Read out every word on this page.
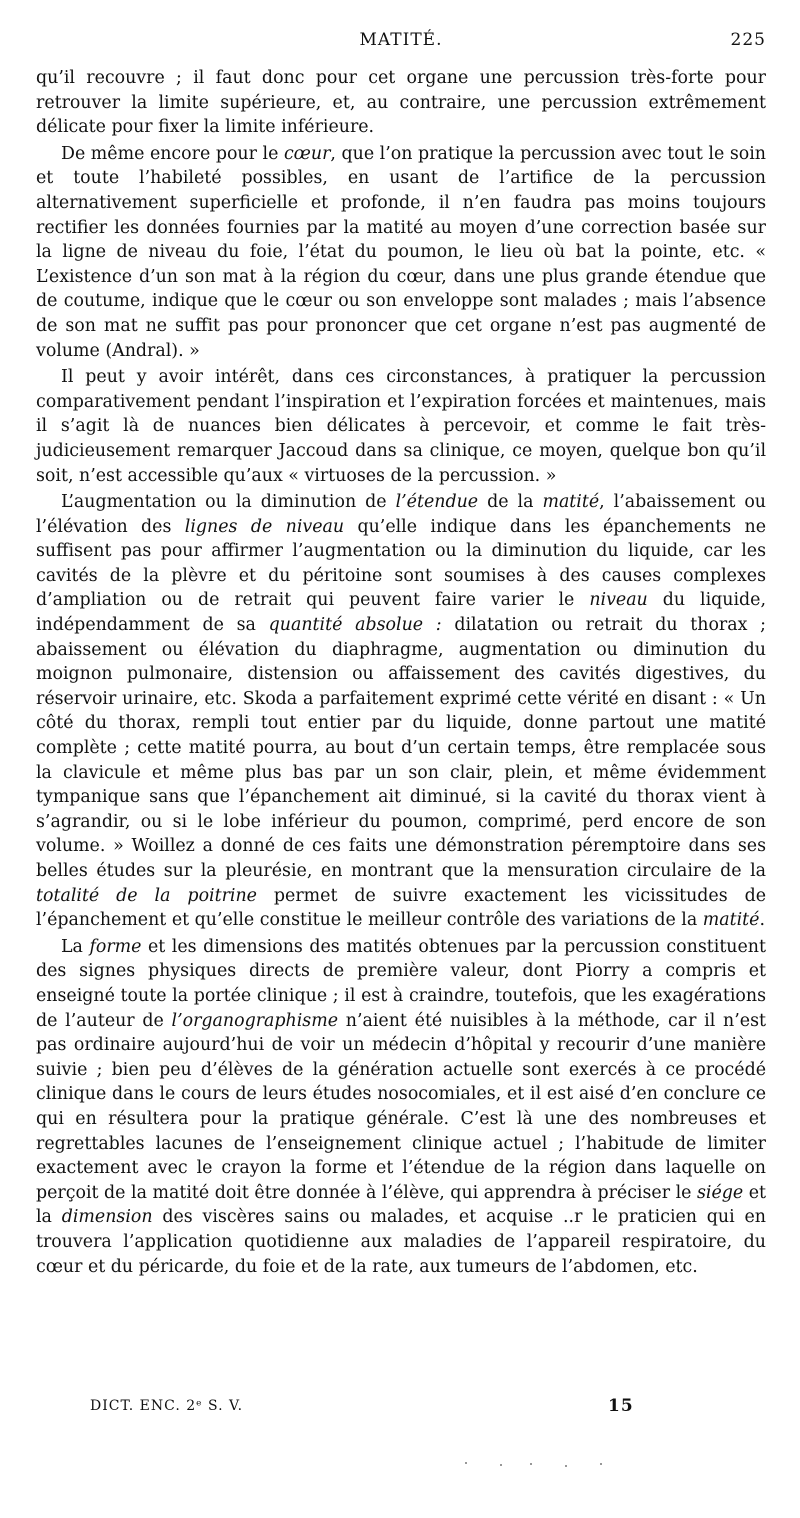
MATITÉ.	225

qu’il recouvre ; il faut donc pour cet organe une percussion très-forte pour retrouver la limite supérieure, et, au contraire, une percussion extrêmement délicate pour fixer la limite inférieure.

De même encore pour le cœur, que l’on pratique la percussion avec tout le soin et toute l’habileté possibles, en usant de l’artifice de la percussion alternativement superficielle et profonde, il n’en faudra pas moins toujours rectifier les données fournies par la matité au moyen d’une correction basée sur la ligne de niveau du foie, l’état du poumon, le lieu où bat la pointe, etc. « L’existence d’un son mat à la région du cœur, dans une plus grande étendue que de coutume, indique que le cœur ou son enveloppe sont malades ; mais l’absence de son mat ne suffit pas pour prononcer que cet organe n’est pas augmenté de volume (Andral). »

Il peut y avoir intérêt, dans ces circonstances, à pratiquer la percussion comparativement pendant l’inspiration et l’expiration forcées et maintenues, mais il s’agit là de nuances bien délicates à percevoir, et comme le fait très-judicieusement remarquer Jaccoud dans sa clinique, ce moyen, quelque bon qu’il soit, n’est accessible qu’aux « virtuoses de la percussion. »

L’augmentation ou la diminution de l’étendue de la matité, l’abaissement ou l’élévation des lignes de niveau qu’elle indique dans les épanchements ne suffisent pas pour affirmer l’augmentation ou la diminution du liquide, car les cavités de la plèvre et du péritoine sont soumises à des causes complexes d’ampliation ou de retrait qui peuvent faire varier le niveau du liquide, indépendamment de sa quantité absolue : dilatation ou retrait du thorax ; abaissement ou élévation du diaphragme, augmentation ou diminution du moignon pulmonaire, distension ou affaissement des cavités digestives, du réservoir urinaire, etc. Skoda a parfaitement exprimé cette vérité en disant : « Un côté du thorax, rempli tout entier par du liquide, donne partout une matité complète ; cette matité pourra, au bout d’un certain temps, être remplacée sous la clavicule et même plus bas par un son clair, plein, et même évidemment tympanique sans que l’épanchement ait diminué, si la cavité du thorax vient à s’agrandir, ou si le lobe inférieur du poumon, comprimé, perd encore de son volume. » Woillez a donné de ces faits une démonstration péremptoire dans ses belles études sur la pleurésie, en montrant que la mensuration circulaire de la totalité de la poitrine permet de suivre exactement les vicissitudes de l’épanchement et qu’elle constitue le meilleur contrôle des variations de la matité.

La forme et les dimensions des matités obtenues par la percussion constituent des signes physiques directs de première valeur, dont Piorry a compris et enseigné toute la portée clinique ; il est à craindre, toutefois, que les exagérations de l’auteur de l’organographisme n’aient été nuisibles à la méthode, car il n’est pas ordinaire aujourd’hui de voir un médecin d’hôpital y recourir d’une manière suivie ; bien peu d’élèves de la génération actuelle sont exercés à ce procédé clinique dans le cours de leurs études nosocomiales, et il est aisé d’en conclure ce qui en résultera pour la pratique générale. C’est là une des nombreuses et regrettables lacunes de l’enseignement clinique actuel ; l’habitude de limiter exactement avec le crayon la forme et l’étendue de la région dans laquelle on perçoit de la matité doit être donnée à l’élève, qui apprendra à préciser le siége et la dimension des viscères sains ou malades, et acquise ..r le praticien qui en trouvera l’application quotidienne aux maladies de l’appareil respiratoire, du cœur et du péricarde, du foie et de la rate, aux tumeurs de l’abdomen, etc.

DICT. ENC. 2ᵉ S. V.	15
